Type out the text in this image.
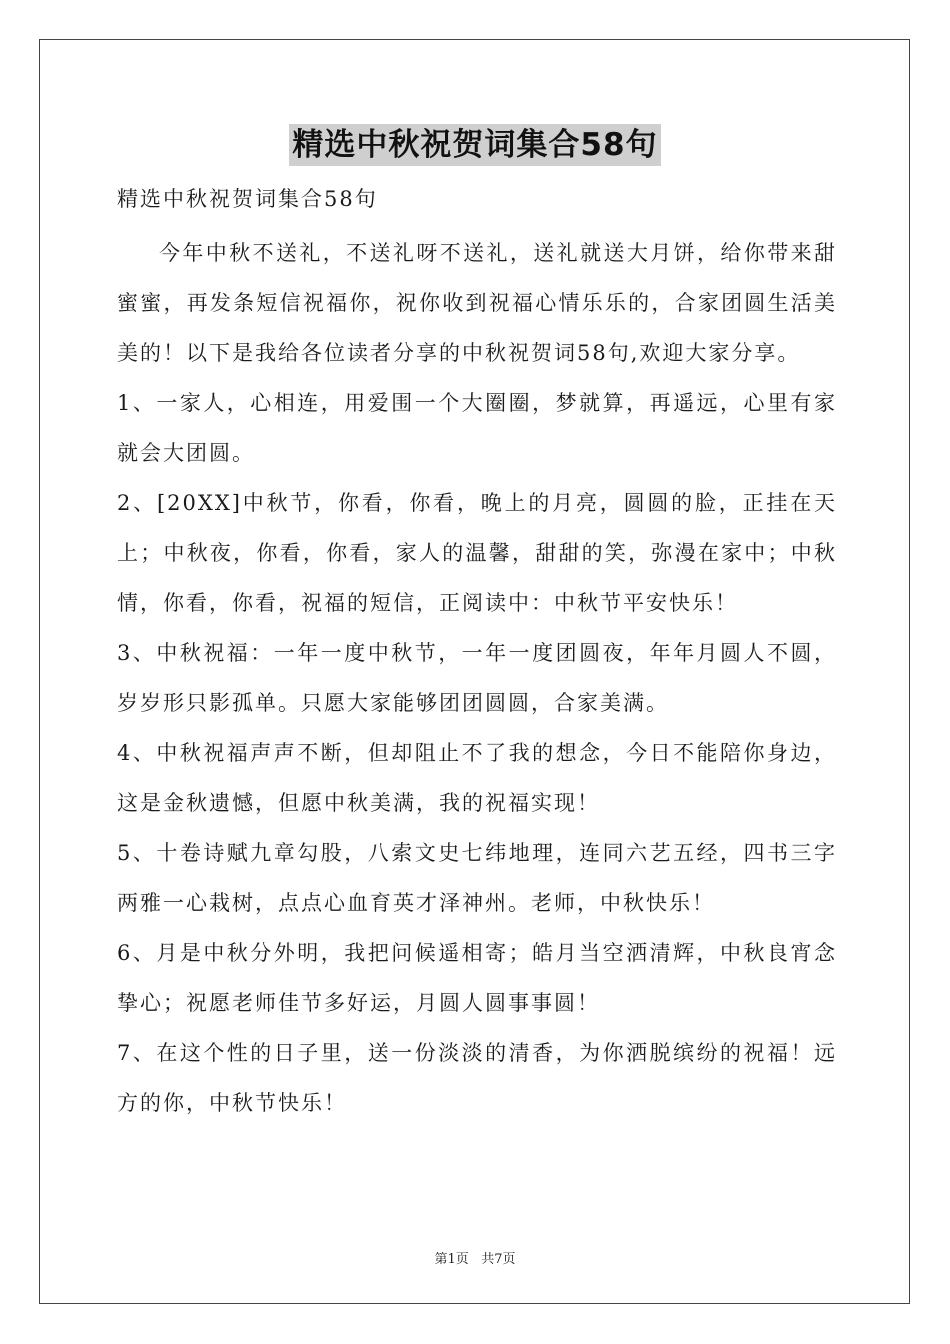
精选中秋祝贺词集合58句

精选中秋祝贺词集合58句

今年中秋不送礼，不送礼呀不送礼，送礼就送大月饼，给你带来甜蜜蜜，再发条短信祝福你，祝你收到祝福心情乐乐的，合家团圆生活美美的！以下是我给各位读者分享的中秋祝贺词58句,欢迎大家分享。

1、一家人，心相连，用爱围一个大圈圈，梦就算，再遥远，心里有家就会大团圆。

2、[20XX]中秋节，你看，你看，晚上的月亮，圆圆的脸，正挂在天上；中秋夜，你看，你看，家人的温馨，甜甜的笑，弥漫在家中；中秋情，你看，你看，祝福的短信，正阅读中：中秋节平安快乐！

3、中秋祝福：一年一度中秋节，一年一度团圆夜，年年月圆人不圆，岁岁形只影孤单。只愿大家能够团团圆圆，合家美满。

4、中秋祝福声声不断，但却阻止不了我的想念，今日不能陪你身边，这是金秋遗憾，但愿中秋美满，我的祝福实现！

5、十卷诗赋九章勾股，八索文史七纬地理，连同六艺五经，四书三字两雅一心栽树，点点心血育英才泽神州。老师，中秋快乐！

6、月是中秋分外明，我把问候遥相寄；皓月当空洒清辉，中秋良宵念挚心；祝愿老师佳节多好运，月圆人圆事事圆！

7、在这个性的日子里，送一份淡淡的清香，为你洒脱缤纷的祝福！远方的你，中秋节快乐！

第1页 共7页
